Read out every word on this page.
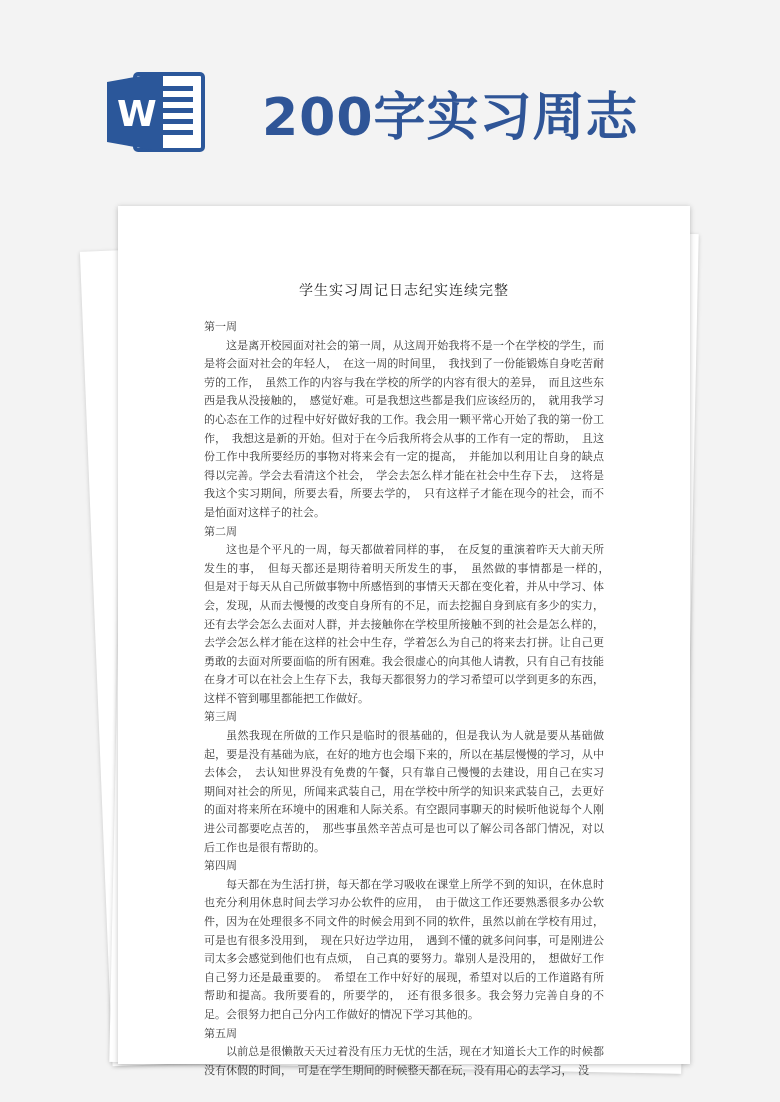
W 200字实习周志
学生实习周记日志纪实连续完整

第一周

这是离开校园面对社会的第一周，从这周开始我将不是一个在学校的学生，而是将会面对社会的年轻人，　在这一周的时间里，　我找到了一份能锻炼自身吃苦耐劳的工作，　虽然工作的内容与我在学校的所学的内容有很大的差异，　而且这些东西是我从没接触的，　感觉好难。可是我想这些都是我们应该经历的，　就用我学习的心态在工作的过程中好好做好我的工作。我会用一颗平常心开始了我的第一份工作，　我想这是新的开始。但对于在今后我所将会从事的工作有一定的帮助，　且这份工作中我所要经历的事物对将来会有一定的提高，　并能加以利用让自身的缺点得以完善。学会去看清这个社会，　学会去怎么样才能在社会中生存下去，　这将是我这个实习期间，所要去看，所要去学的，　只有这样子才能在现今的社会，而不是怕面对这样子的社会。

第二周

这也是个平凡的一周，每天都做着同样的事，　在反复的重演着昨天大前天所发生的事，　但每天都还是期待着明天所发生的事，　虽然做的事情都是一样的，　但是对于每天从自己所做事物中所感悟到的事情天天都在变化着，并从中学习、体会，发现，从而去慢慢的改变自身所有的不足，而去挖掘自身到底有多少的实力，还有去学会怎么去面对人群，并去接触你在学校里所接触不到的社会是怎么样的，去学会怎么样才能在这样的社会中生存，学着怎么为自己的将来去打拼。让自己更勇敢的去面对所要面临的所有困难。我会很虚心的向其他人请教，只有自己有技能在身才可以在社会上生存下去，我每天都很努力的学习希望可以学到更多的东西，这样不管到哪里都能把工作做好。

第三周

虽然我现在所做的工作只是临时的很基础的，但是我认为人就是要从基础做起，要是没有基础为底，在好的地方也会塌下来的，所以在基层慢慢的学习，从中去体会，　去认知世界没有免费的午餐，只有靠自己慢慢的去建设，用自己在实习期间对社会的所见，所闻来武装自己，用在学校中所学的知识来武装自己，去更好的面对将来所在环境中的困难和人际关系。有空跟同事聊天的时候听他说每个人刚进公司都要吃点苦的，　那些事虽然辛苦点可是也可以了解公司各部门情况，对以后工作也是很有帮助的。

第四周

每天都在为生活打拼，每天都在学习吸收在课堂上所学不到的知识，在休息时也充分利用休息时间去学习办公软件的应用，　由于做这工作还要熟悉很多办公软件，因为在处理很多不同文件的时候会用到不同的软件，虽然以前在学校有用过，可是也有很多没用到，　现在只好边学边用，　遇到不懂的就多问问事，可是刚进公司太多会感觉到他们也有点烦，　自己真的要努力。靠别人是没用的，　想做好工作自己努力还是最重要的。　希望在工作中好好的展现，希望对以后的工作道路有所帮助和提高。我所要看的，所要学的，　还有很多很多。我会努力完善自身的不足。会很努力把自己分内工作做好的情况下学习其他的。

第五周

以前总是很懒散天天过着没有压力无忧的生活，现在才知道长大工作的时候都没有休假的时间，　可是在学生期间的时候整天都在玩，没有用心的去学习，　没
